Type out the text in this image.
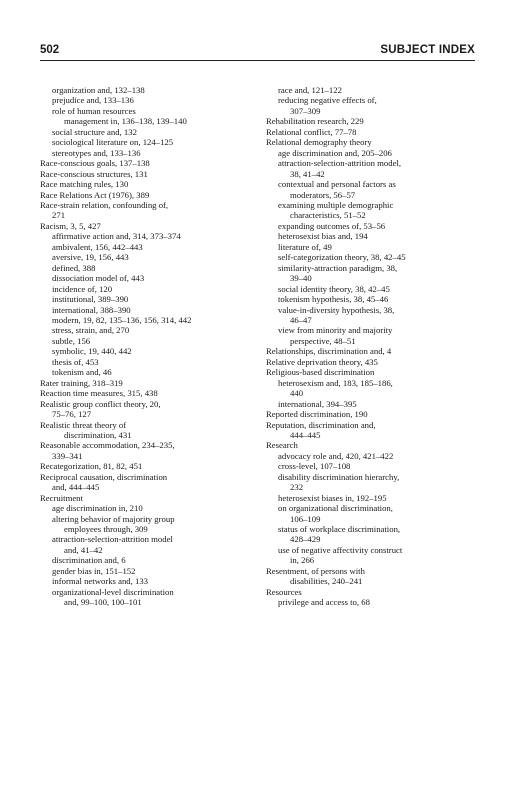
502	SUBJECT INDEX
organization and, 132–138
prejudice and, 133–136
role of human resources
management in, 136–138, 139–140
social structure and, 132
sociological literature on, 124–125
stereotypes and, 133–136
Race-conscious goals, 137–138
Race-conscious structures, 131
Race matching rules, 130
Race Relations Act (1976), 389
Race-strain relation, confounding of,
271
Racism, 3, 5, 427
affirmative action and, 314, 373–374
ambivalent, 156, 442–443
aversive, 19, 156, 443
defined, 388
dissociation model of, 443
incidence of, 120
institutional, 389–390
international, 388–390
modern, 19, 82, 135–136, 156, 314, 442
stress, strain, and, 270
subtle, 156
symbolic, 19, 440, 442
thesis of, 453
tokenism and, 46
Rater training, 318–319
Reaction time measures, 315, 438
Realistic group conflict theory, 20,
75–76, 127
Realistic threat theory of
discrimination, 431
Reasonable accommodation, 234–235,
339–341
Recategorization, 81, 82, 451
Reciprocal causation, discrimination
and, 444–445
Recruitment
age discrimination in, 210
altering behavior of majority group
employees through, 309
attraction-selection-attrition model
and, 41–42
discrimination and, 6
gender bias in, 151–152
informal networks and, 133
organizational-level discrimination
and, 99–100, 100–101
race and, 121–122
reducing negative effects of,
307–309
Rehabilitation research, 229
Relational conflict, 77–78
Relational demography theory
age discrimination and, 205–206
attraction-selection-attrition model,
38, 41–42
contextual and personal factors as
moderators, 56–57
examining multiple demographic
characteristics, 51–52
expanding outcomes of, 53–56
heterosexist bias and, 194
literature of, 49
self-categorization theory, 38, 42–45
similarity-attraction paradigm, 38,
39–40
social identity theory, 38, 42–45
tokenism hypothesis, 38, 45–46
value-in-diversity hypothesis, 38,
46–47
view from minority and majority
perspective, 48–51
Relationships, discrimination and, 4
Relative deprivation theory, 435
Religious-based discrimination
heterosexism and, 183, 185–186,
440
international, 394–395
Reported discrimination, 190
Reputation, discrimination and,
444–445
Research
advocacy role and, 420, 421–422
cross-level, 107–108
disability discrimination hierarchy,
232
heterosexist biases in, 192–195
on organizational discrimination,
106–109
status of workplace discrimination,
428–429
use of negative affectivity construct
in, 266
Resentment, of persons with
disabilities, 240–241
Resources
privilege and access to, 68
